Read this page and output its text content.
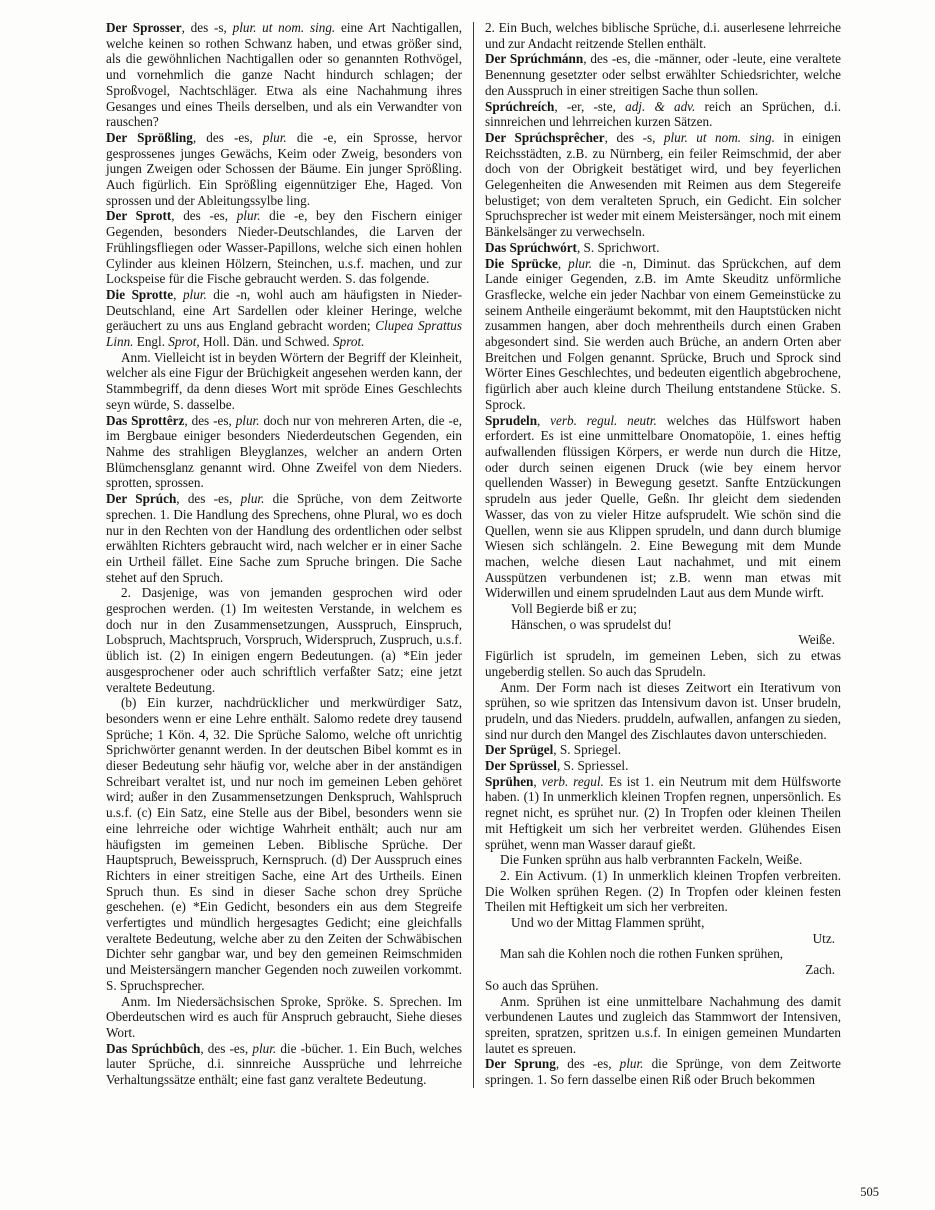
Der Sprosser, des -s, plur. ut nom. sing. eine Art Nachtigallen, welche keinen so rothen Schwanz haben, und etwas größer sind, als die gewöhnlichen Nachtigallen oder so genannten Rothvögel, und vornehmlich die ganze Nacht hindurch schlagen; der Sproßvogel, Nachtschläger. Etwa als eine Nachahmung ihres Gesanges und eines Theils derselben, und als ein Verwandter von rauschen?

Der Sprößling, des -es, plur. die -e, ein Sprosse, hervor gesprossenes junges Gewächs, Keim oder Zweig, besonders von jungen Zweigen oder Schossen der Bäume. Ein junger Sprößling. Auch figürlich. Ein Sprößling eigennütziger Ehe, Haged. Von sprossen und der Ableitungssylbe ling.

Der Sprott, des -es, plur. die -e, bey den Fischern einiger Gegenden, besonders Nieder-Deutschlandes, die Larven der Frühlingsfliegen oder Wasser-Papillons, welche sich einen hohlen Cylinder aus kleinen Hölzern, Steinchen, u.s.f. machen, und zur Lockspeise für die Fische gebraucht werden. S. das folgende.

Die Sprotte, plur. die -n, wohl auch am häufigsten in Nieder-Deutschland, eine Art Sardellen oder kleiner Heringe, welche geräuchert zu uns aus England gebracht worden; Clupea Sprattus Linn. Engl. Sprot, Holl. Dän. und Schwed. Sprot.

Anm. Vielleicht ist in beyden Wörtern der Begriff der Kleinheit, welcher als eine Figur der Brüchigkeit angesehen werden kann, der Stammbegriff, da denn dieses Wort mit spröde Eines Geschlechts seyn würde, S. dasselbe.

Das Sprottêrz, des -es, plur. doch nur von mehreren Arten, die -e, im Bergbaue einiger besonders Niederdeutschen Gegenden, ein Nahme des strahligen Bleyglanzes, welcher an andern Orten Blümchensglanz genannt wird. Ohne Zweifel von dem Nieders. sprotten, sprossen.

Der Sprúch, des -es, plur. die Sprüche, von dem Zeitworte sprechen. 1. Die Handlung des Sprechens, ohne Plural, wo es doch nur in den Rechten von der Handlung des ordentlichen oder selbst erwählten Richters gebraucht wird, nach welcher er in einer Sache ein Urtheil fället. Eine Sache zum Spruche bringen. Die Sache stehet auf den Spruch.

2. Dasjenige, was von jemanden gesprochen wird oder gesprochen werden. (1) Im weitesten Verstande, in welchem es doch nur in den Zusammensetzungen, Ausspruch, Einspruch, Lobspruch, Machtspruch, Vorspruch, Widerspruch, Zuspruch, u.s.f. üblich ist. (2) In einigen engern Bedeutungen. (a) *Ein jeder ausgesprochener oder auch schriftlich verfaßter Satz; eine jetzt veraltete Bedeutung.

(b) Ein kurzer, nachdrücklicher und merkwürdiger Satz, besonders wenn er eine Lehre enthält. Salomo redete drey tausend Sprüche; 1 Kön. 4, 32. Die Sprüche Salomo, welche oft unrichtig Sprichwörter genannt werden. In der deutschen Bibel kommt es in dieser Bedeutung sehr häufig vor, welche aber in der anständigen Schreibart veraltet ist, und nur noch im gemeinen Leben gehöret wird; außer in den Zusammensetzungen Denkspruch, Wahlspruch u.s.f. (c) Ein Satz, eine Stelle aus der Bibel, besonders wenn sie eine lehrreiche oder wichtige Wahrheit enthält; auch nur am häufigsten im gemeinen Leben. Biblische Sprüche. Der Hauptspruch, Beweisspruch, Kernspruch. (d) Der Ausspruch eines Richters in einer streitigen Sache, eine Art des Urtheils. Einen Spruch thun. Es sind in dieser Sache schon drey Sprüche geschehen. (e) *Ein Gedicht, besonders ein aus dem Stegreife verfertigtes und mündlich hergesagtes Gedicht; eine gleichfalls veraltete Bedeutung, welche aber zu den Zeiten der Schwäbischen Dichter sehr gangbar war, und bey den gemeinen Reimschmiden und Meistersängern mancher Gegenden noch zuweilen vorkommt. S. Spruchsprecher.

Anm. Im Niedersächsischen Sproke, Spröke. S. Sprechen. Im Oberdeutschen wird es auch für Anspruch gebraucht, Siehe dieses Wort.

Das Sprúchbûch, des -es, plur. die -bücher. 1. Ein Buch, welches lauter Sprüche, d.i. sinnreiche Aussprüche und lehrreiche Verhaltungssätze enthält; eine fast ganz veraltete Bedeutung.

2. Ein Buch, welches biblische Sprüche, d.i. auserlesene lehrreiche und zur Andacht reitzende Stellen enthält.

Der Sprúchmánn, des -es, die -männer, oder -leute, eine veraltete Benennung gesetzter oder selbst erwählter Schiedsrichter, welche den Ausspruch in einer streitigen Sache thun sollen.

Sprúchreích, -er, -ste, adj. & adv. reich an Sprüchen, d.i. sinnreichen und lehrreichen kurzen Sätzen.

Der Sprúchsprêcher, des -s, plur. ut nom. sing. in einigen Reichsstädten, z.B. zu Nürnberg, ein feiler Reimschmid, der aber doch von der Obrigkeit bestätiget wird, und bey feyerlichen Gelegenheiten die Anwesenden mit Reimen aus dem Stegereife belustiget; von dem veralteten Spruch, ein Gedicht. Ein solcher Spruchsprecher ist weder mit einem Meistersänger, noch mit einem Bänkelsänger zu verwechseln.

Das Sprúchwórt, S. Sprichwort.

Die Sprücke, plur. die -n, Diminut. das Sprückchen, auf dem Lande einiger Gegenden, z.B. im Amte Skeuditz unförmliche Grasflecke, welche ein jeder Nachbar von einem Gemeinstücke zu seinem Antheile eingeräumt bekommt, mit den Hauptstücken nicht zusammen hangen, aber doch mehrentheils durch einen Graben abgesondert sind. Sie werden auch Brüche, an andern Orten aber Breitchen und Folgen genannt. Sprücke, Bruch und Sprock sind Wörter Eines Geschlechtes, und bedeuten eigentlich abgebrochene, figürlich aber auch kleine durch Theilung entstandene Stücke. S. Sprock.

Sprudeln, verb. regul. neutr. welches das Hülfswort haben erfordert. Es ist eine unmittelbare Onomatopöie, 1. eines heftig aufwallenden flüssigen Körpers, er werde nun durch die Hitze, oder durch seinen eigenen Druck (wie bey einem hervor quellenden Wasser) in Bewegung gesetzt. Sanfte Entzückungen sprudeln aus jeder Quelle, Geßn. Ihr gleicht dem siedenden Wasser, das von zu vieler Hitze aufsprudelt. Wie schön sind die Quellen, wenn sie aus Klippen sprudeln, und dann durch blumige Wiesen sich schlängeln. 2. Eine Bewegung mit dem Munde machen, welche diesen Laut nachahmet, und mit einem Ausspützen verbundenen ist; z.B. wenn man etwas mit Widerwillen und einem sprudelnden Laut aus dem Munde wirft.

Voll Begierde biß er zu;

Hänschen, o was sprudelst du!

Weiße.

Figürlich ist sprudeln, im gemeinen Leben, sich zu etwas ungeberdig stellen. So auch das Sprudeln.

Anm. Der Form nach ist dieses Zeitwort ein Iterativum von sprühen, so wie spritzen das Intensivum davon ist. Unser brudeln, prudeln, und das Nieders. pruddeln, aufwallen, anfangen zu sieden, sind nur durch den Mangel des Zischlautes davon unterschieden.

Der Sprügel, S. Spriegel.

Der Sprüssel, S. Spriessel.

Sprühen, verb. regul. Es ist 1. ein Neutrum mit dem Hülfsworte haben. (1) In unmerklich kleinen Tropfen regnen, unpersönlich. Es regnet nicht, es sprühet nur. (2) In Tropfen oder kleinen Theilen mit Heftigkeit um sich her verbreitet werden. Glühendes Eisen sprühet, wenn man Wasser darauf gießt.

Die Funken sprühn aus halb verbrannten Fackeln, Weiße.

2. Ein Activum. (1) In unmerklich kleinen Tropfen verbreiten. Die Wolken sprühen Regen. (2) In Tropfen oder kleinen festen Theilen mit Heftigkeit um sich her verbreiten.

Und wo der Mittag Flammen sprüht,

Utz.

Man sah die Kohlen noch die rothen Funken sprühen,

Zach.

So auch das Sprühen.

Anm. Sprühen ist eine unmittelbare Nachahmung des damit verbundenen Lautes und zugleich das Stammwort der Intensiven, spreiten, spratzen, spritzen u.s.f. In einigen gemeinen Mundarten lautet es spreuen.

Der Sprung, des -es, plur. die Sprünge, von dem Zeitworte springen. 1. So fern dasselbe einen Riß oder Bruch bekommen

505
